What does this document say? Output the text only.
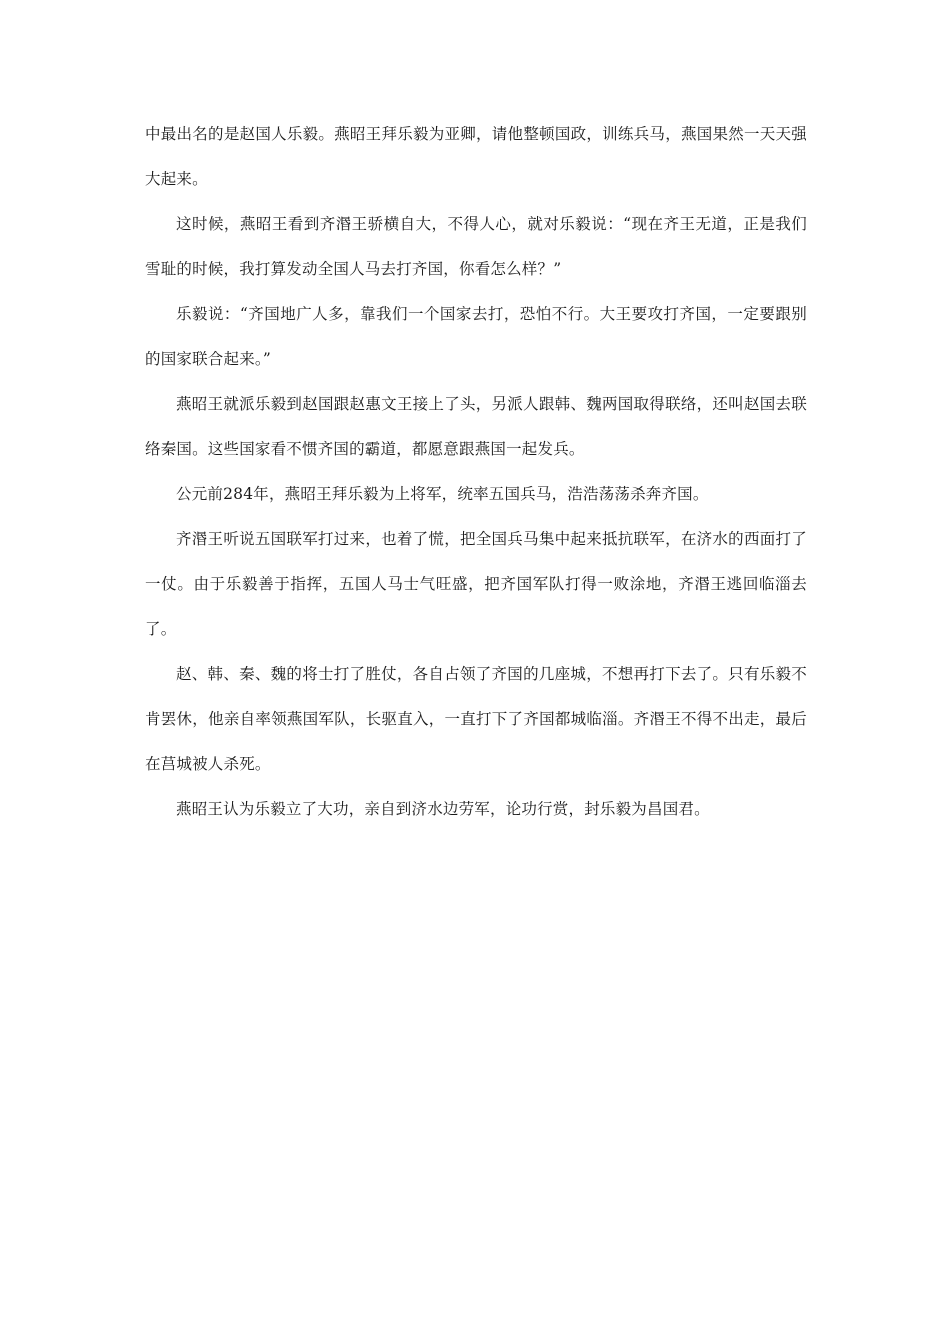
中最出名的是赵国人乐毅。燕昭王拜乐毅为亚卿，请他整顿国政，训练兵马，燕国果然一天天强大起来。

这时候，燕昭王看到齐湣王骄横自大，不得人心，就对乐毅说：“现在齐王无道，正是我们雪耻的时候，我打算发动全国人马去打齐国，你看怎么样？”

乐毅说：“齐国地广人多，靠我们一个国家去打，恐怕不行。大王要攻打齐国，一定要跟别的国家联合起来。”

燕昭王就派乐毅到赵国跟赵惠文王接上了头，另派人跟韩、魏两国取得联络，还叫赵国去联络秦国。这些国家看不惯齐国的霸道，都愿意跟燕国一起发兵。

公元前284年，燕昭王拜乐毅为上将军，统率五国兵马，浩浩荡荡杀奔齐国。

齐湣王听说五国联军打过来，也着了慌，把全国兵马集中起来抵抗联军，在济水的西面打了一仗。由于乐毅善于指挥，五国人马士气旺盛，把齐国军队打得一败涂地，齐湣王逃回临淄去了。

赵、韩、秦、魏的将士打了胜仗，各自占领了齐国的几座城，不想再打下去了。只有乐毅不肯罢休，他亲自率领燕国军队，长驱直入，一直打下了齐国都城临淄。齐湣王不得不出走，最后在莒城被人杀死。

燕昭王认为乐毅立了大功，亲自到济水边劳军，论功行赏，封乐毅为昌国君。
